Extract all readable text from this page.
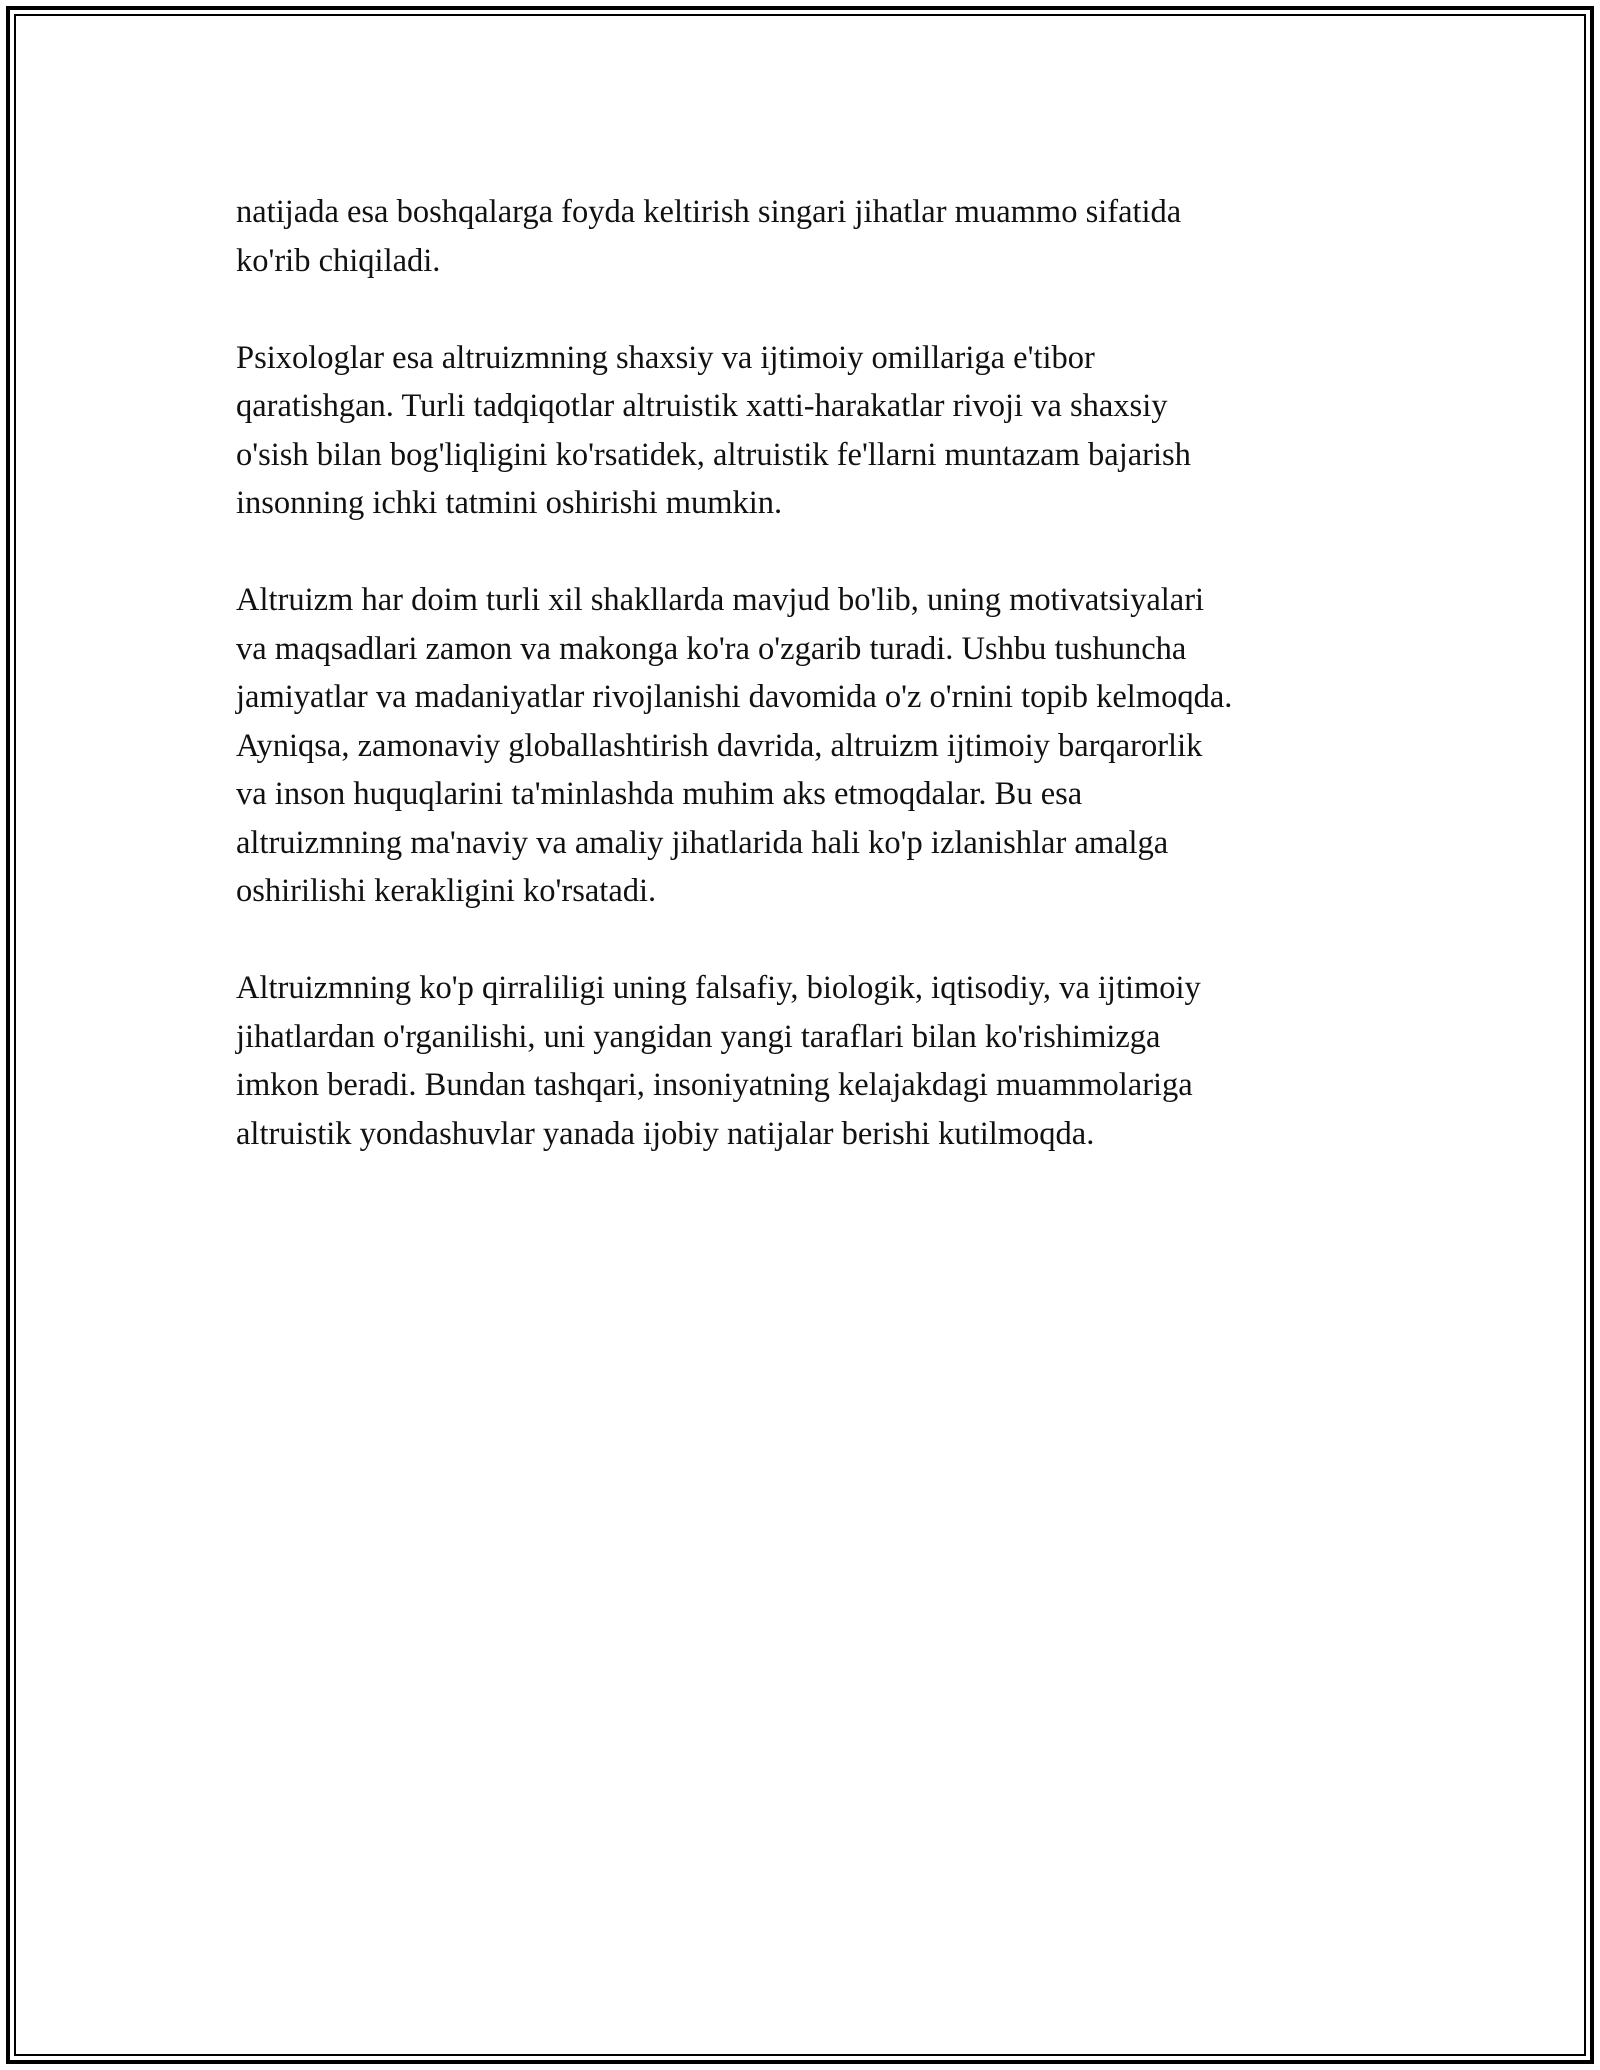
natijada esa boshqalarga foyda keltirish singari jihatlar muammo sifatida
ko'rib chiqiladi.

Psixologlar esa altruizmning shaxsiy va ijtimoiy omillariga e'tibor
qaratishgan. Turli tadqiqotlar altruistik xatti-harakatlar rivoji va shaxsiy
o'sish bilan bog'liqligini ko'rsatidek, altruistik fe'llarni muntazam bajarish
insonning ichki tatmini oshirishi mumkin.

Altruizm har doim turli xil shakllarda mavjud bo'lib, uning motivatsiyalari
va maqsadlari zamon va makonga ko'ra o'zgarib turadi. Ushbu tushuncha
jamiyatlar va madaniyatlar rivojlanishi davomida o'z o'rnini topib kelmoqda.
Ayniqsa, zamonaviy globallashtirish davrida, altruizm ijtimoiy barqarorlik
va inson huquqlarini ta'minlashda muhim aks etmoqdalar. Bu esa
altruizmning ma'naviy va amaliy jihatlarida hali ko'p izlanishlar amalga
oshirilishi kerakligini ko'rsatadi.

Altruizmning ko'p qirraliligi uning falsafiy, biologik, iqtisodiy, va ijtimoiy
jihatlardan o'rganilishi, uni yangidan yangi taraflari bilan ko'rishimizga
imkon beradi. Bundan tashqari, insoniyatning kelajakdagi muammolariga
altruistik yondashuvlar yanada ijobiy natijalar berishi kutilmoqda.
